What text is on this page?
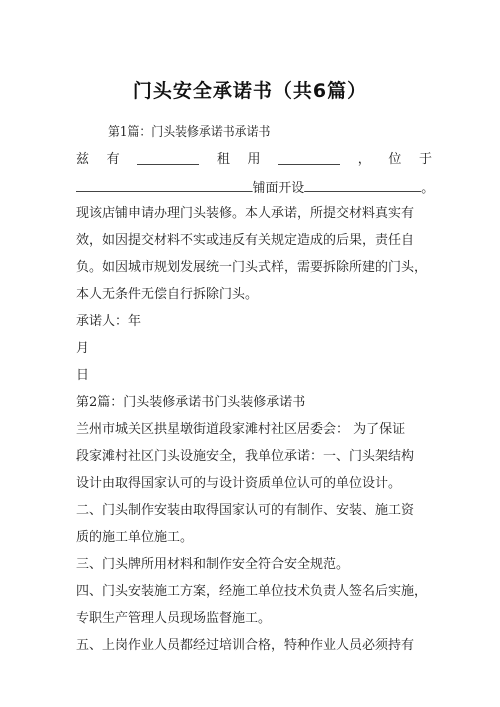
门头安全承诺书（共6篇）
第1篇：门头装修承诺书承诺书
兹 有	租 用	， 位 于
铺面开设	。
现该店铺申请办理门头装修。本人承诺，所提交材料真实有
效，如因提交材料不实或违反有关规定造成的后果，责任自
负。如因城市规划发展统一门头式样，需要拆除所建的门头，
本人无条件无偿自行拆除门头。
承诺人：年
月
日
第2篇：门头装修承诺书门头装修承诺书
兰州市城关区拱星墩街道段家滩村社区居委会： 为了保证
段家滩村社区门头设施安全，我单位承诺：一、门头架结构
设计由取得国家认可的与设计资质单位认可的单位设计。
二、门头制作安装由取得国家认可的有制作、安装、施工资
质的施工单位施工。
三、门头牌所用材料和制作安全符合安全规范。
四、门头安装施工方案，经施工单位技术负责人签名后实施，
专职生产管理人员现场监督施工。
五、上岗作业人员都经过培训合格，特种作业人员必须持有
